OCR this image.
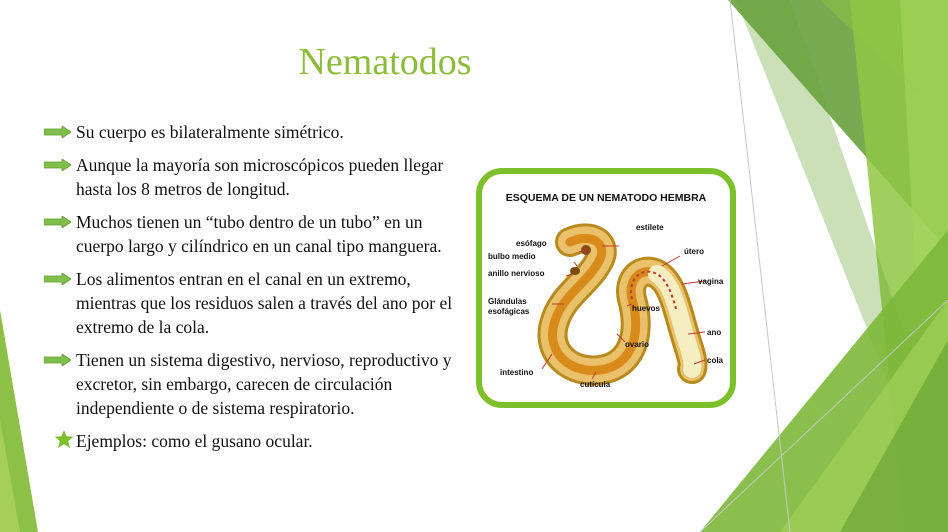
Nematodos
Su cuerpo es bilateralmente simétrico.
Aunque la mayoría son microscópicos pueden llegar hasta los 8 metros de longitud.
Muchos tienen un “tubo dentro de un tubo” en un cuerpo largo y cilíndrico en un canal tipo manguera.
Los alimentos entran en el canal en un extremo, mientras que los residuos salen a través del ano por el extremo de la cola.
Tienen un sistema digestivo, nervioso, reproductivo y excretor, sin embargo, carecen de circulación independiente o de sistema respiratorio.
Ejemplos: como el gusano ocular.
ESQUEMA DE UN NEMATODO HEMBRA
estilete
esófago
bulbo medio
anillo nervioso
Glándulas
esofágicas
útero
vagina
huevos
ano
ovario
cola
intestino
cutícula
